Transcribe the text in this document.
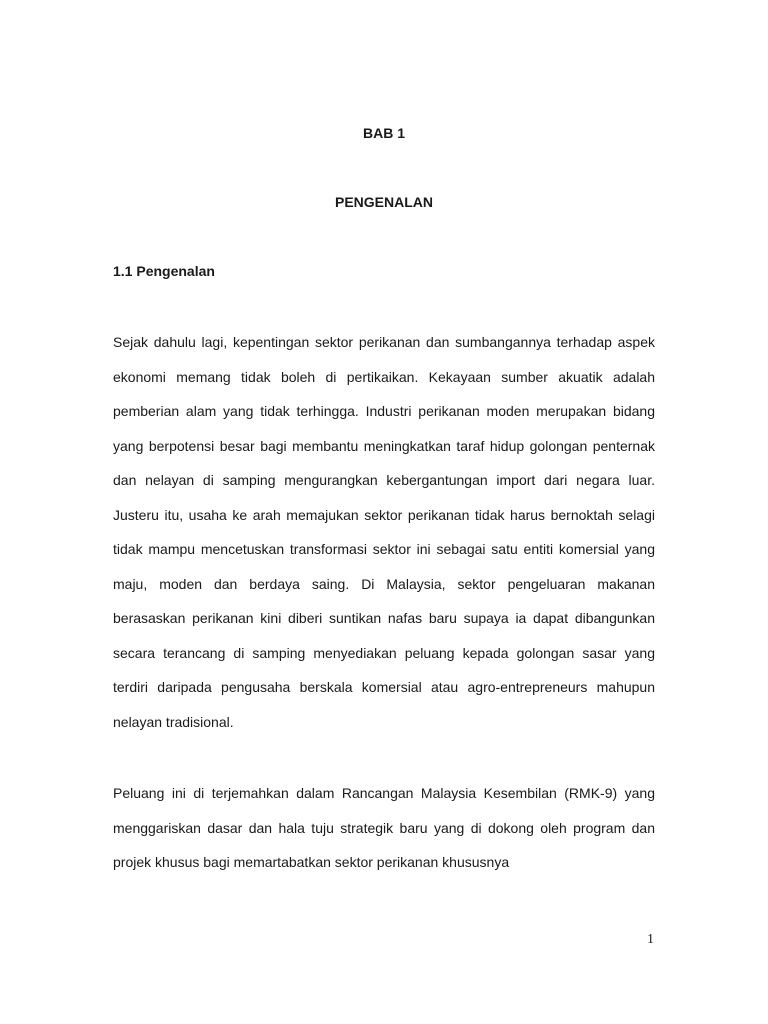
BAB 1
PENGENALAN
1.1 Pengenalan

Sejak dahulu lagi, kepentingan sektor perikanan dan sumbangannya terhadap aspek ekonomi memang tidak boleh di pertikaikan. Kekayaan sumber akuatik adalah pemberian alam yang tidak terhingga. Industri perikanan moden merupakan bidang yang berpotensi besar bagi membantu meningkatkan taraf hidup golongan penternak dan nelayan di samping mengurangkan kebergantungan import dari negara luar. Justeru itu, usaha ke arah memajukan sektor perikanan tidak harus bernoktah selagi tidak mampu mencetuskan transformasi sektor ini sebagai satu entiti komersial yang maju, moden dan berdaya saing. Di Malaysia, sektor pengeluaran makanan berasaskan perikanan kini diberi suntikan nafas baru supaya ia dapat dibangunkan secara terancang di samping menyediakan peluang kepada golongan sasar yang terdiri daripada pengusaha berskala komersial atau agro-entrepreneurs mahupun nelayan tradisional.

Peluang ini di terjemahkan dalam Rancangan Malaysia Kesembilan (RMK-9) yang menggariskan dasar dan hala tuju strategik baru yang di dokong oleh program dan projek khusus bagi memartabatkan sektor perikanan khususnya

1
